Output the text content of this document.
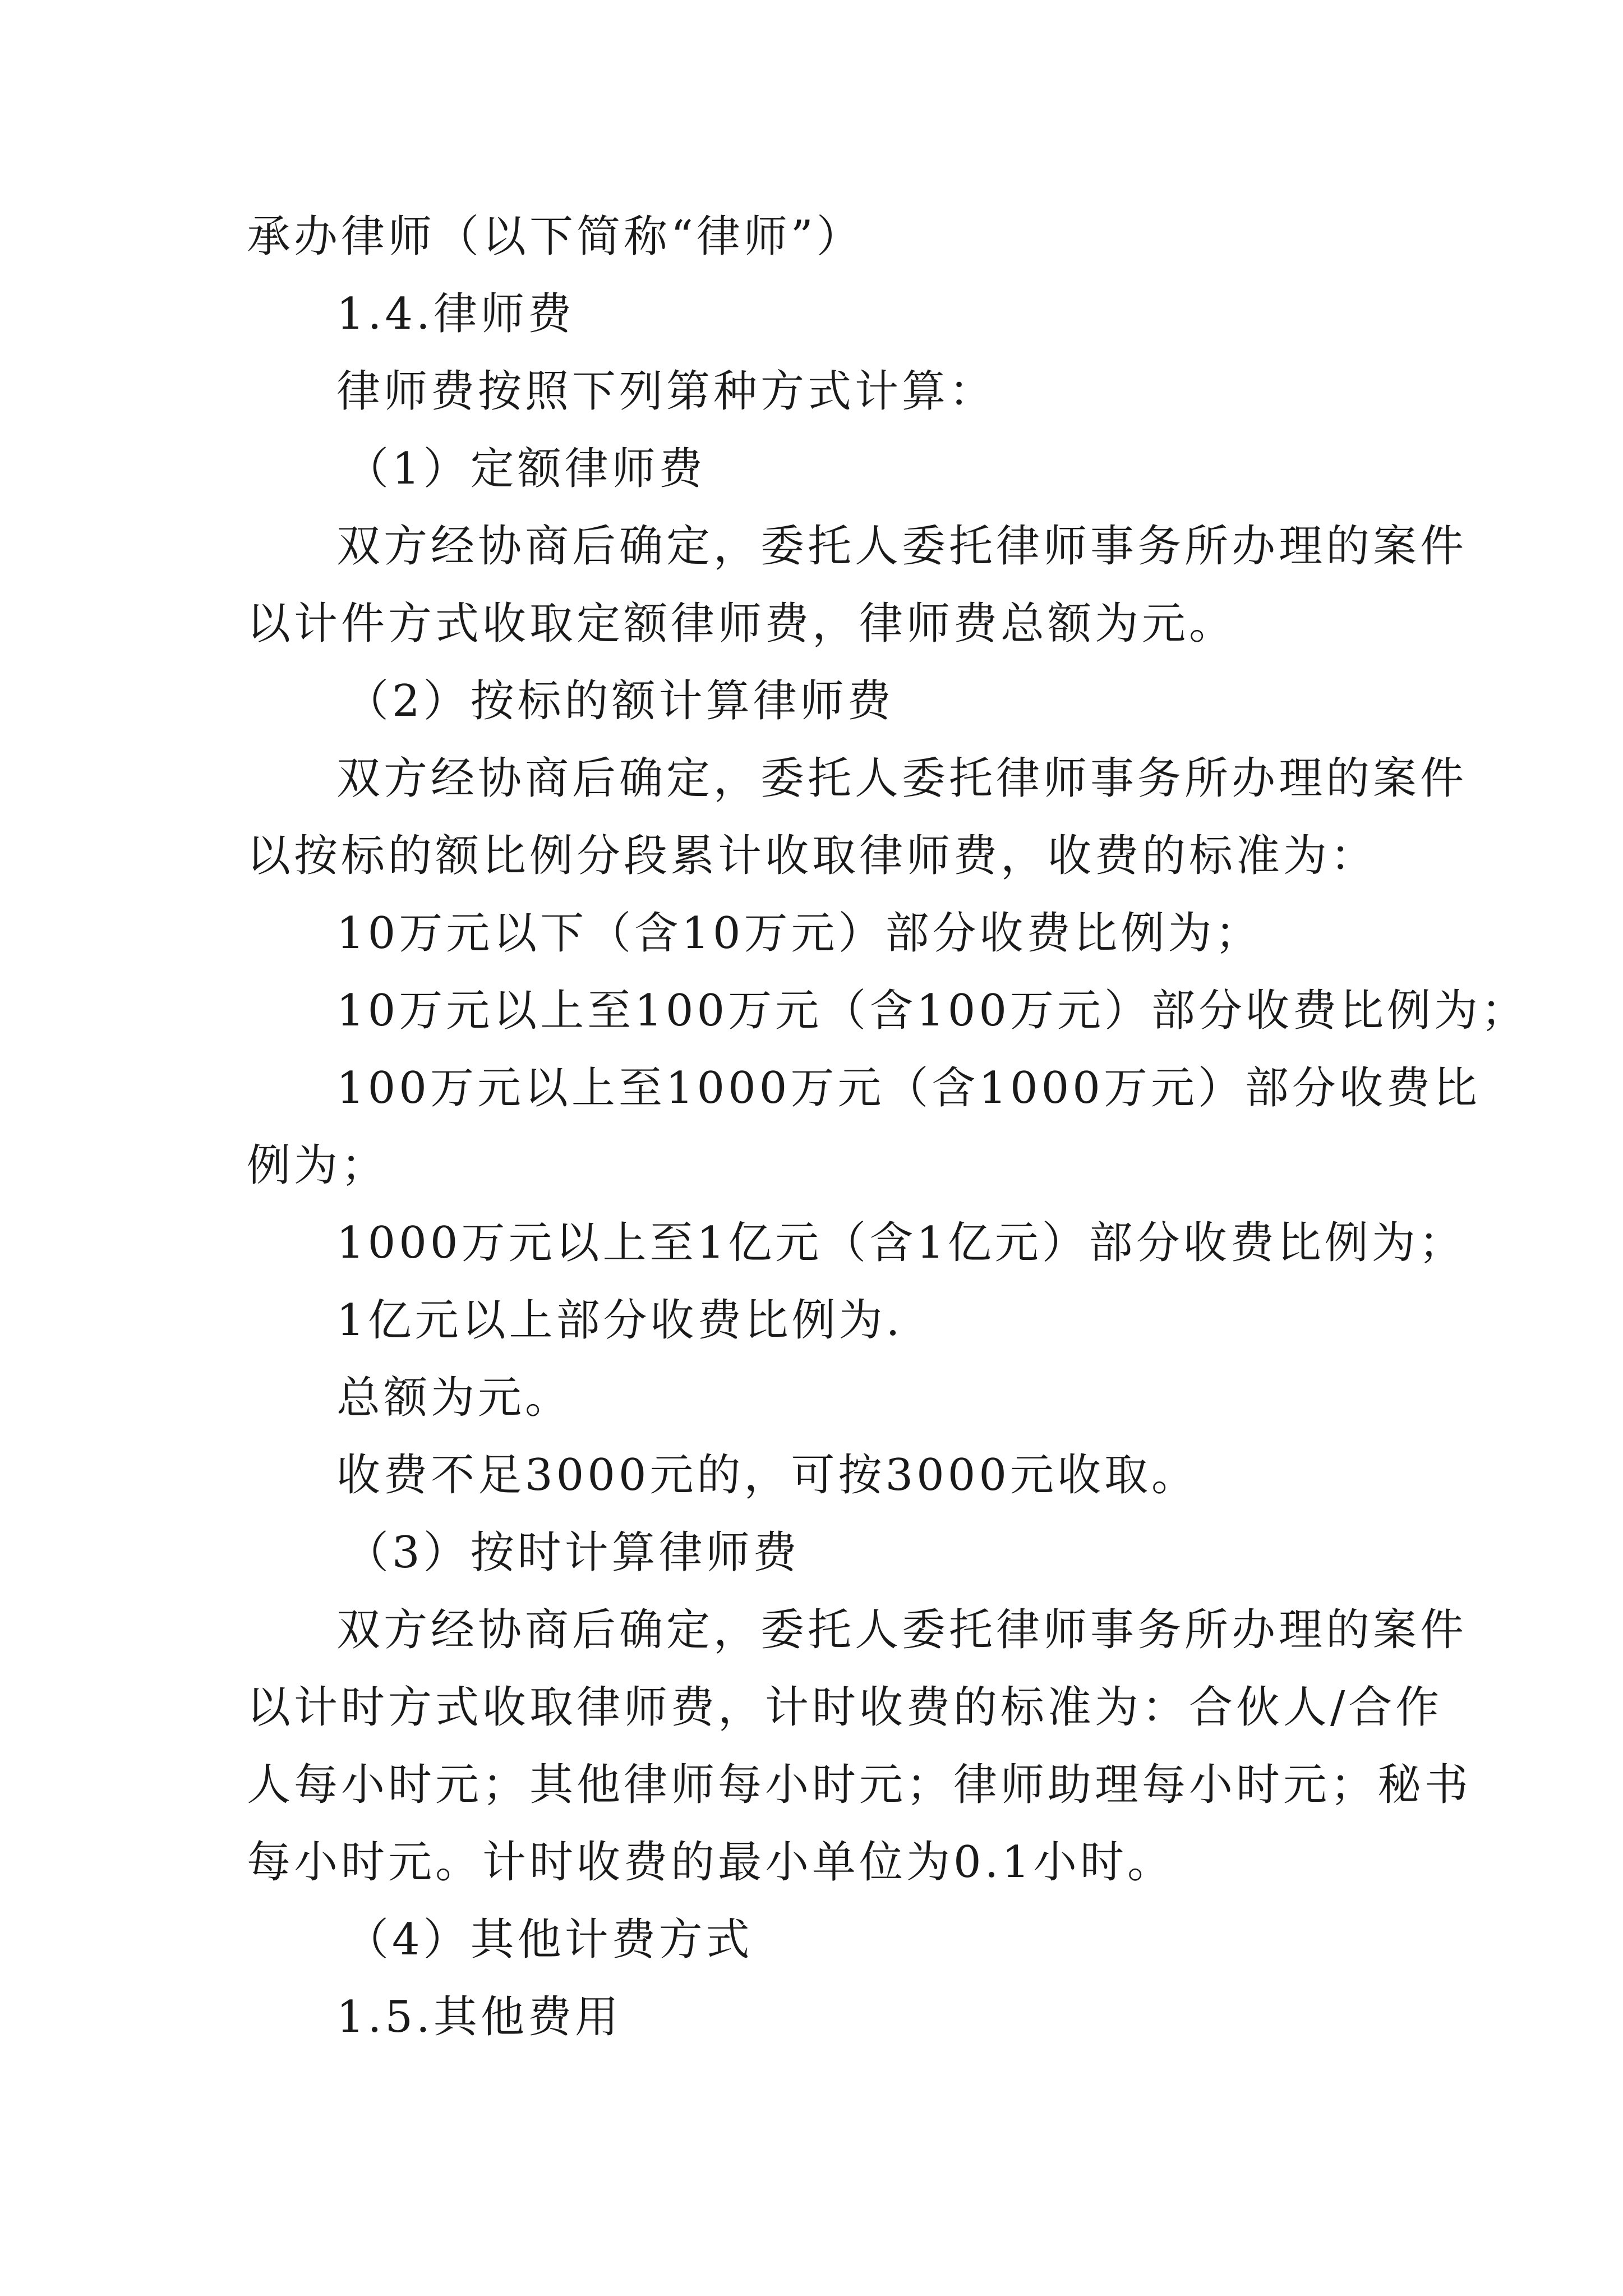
承办律师（以下简称“律师”）
1.4.律师费
律师费按照下列第种方式计算：
（1）定额律师费
双方经协商后确定，委托人委托律师事务所办理的案件
以计件方式收取定额律师费，律师费总额为元。
（2）按标的额计算律师费
双方经协商后确定，委托人委托律师事务所办理的案件
以按标的额比例分段累计收取律师费，收费的标准为：
10万元以下（含10万元）部分收费比例为；
10万元以上至100万元（含100万元）部分收费比例为；
100万元以上至1000万元（含1000万元）部分收费比
例为；
1000万元以上至1亿元（含1亿元）部分收费比例为；
1亿元以上部分收费比例为.
总额为元。
收费不足3000元的，可按3000元收取。
（3）按时计算律师费
双方经协商后确定，委托人委托律师事务所办理的案件
以计时方式收取律师费，计时收费的标准为：合伙人/合作
人每小时元；其他律师每小时元；律师助理每小时元；秘书
每小时元。计时收费的最小单位为0.1小时。
（4）其他计费方式
1.5.其他费用
